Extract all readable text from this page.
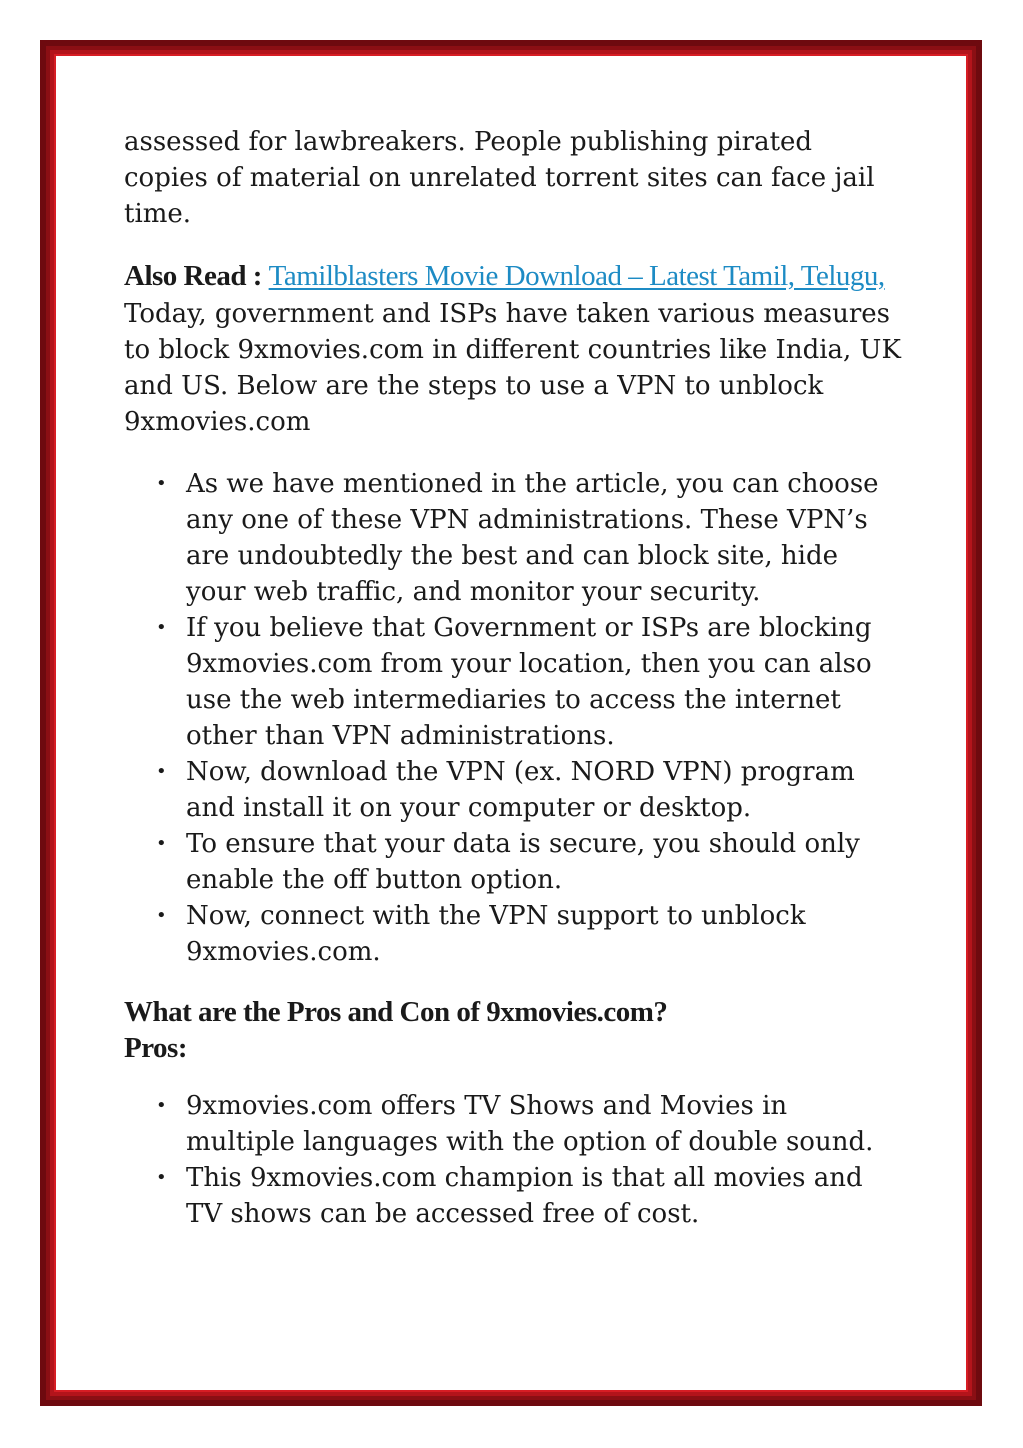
assessed for lawbreakers. People publishing pirated copies of material on unrelated torrent sites can face jail time.

Also Read : Tamilblasters Movie Download – Latest Tamil, Telugu,

Today, government and ISPs have taken various measures to block 9xmovies.com in different countries like India, UK and US. Below are the steps to use a VPN to unblock 9xmovies.com

• As we have mentioned in the article, you can choose any one of these VPN administrations. These VPN’s are undoubtedly the best and can block site, hide your web traffic, and monitor your security.
• If you believe that Government or ISPs are blocking 9xmovies.com from your location, then you can also use the web intermediaries to access the internet other than VPN administrations.
• Now, download the VPN (ex. NORD VPN) program and install it on your computer or desktop.
• To ensure that your data is secure, you should only enable the off button option.
• Now, connect with the VPN support to unblock 9xmovies.com.

What are the Pros and Con of 9xmovies.com?

Pros:

• 9xmovies.com offers TV Shows and Movies in multiple languages with the option of double sound.
• This 9xmovies.com champion is that all movies and TV shows can be accessed free of cost.
